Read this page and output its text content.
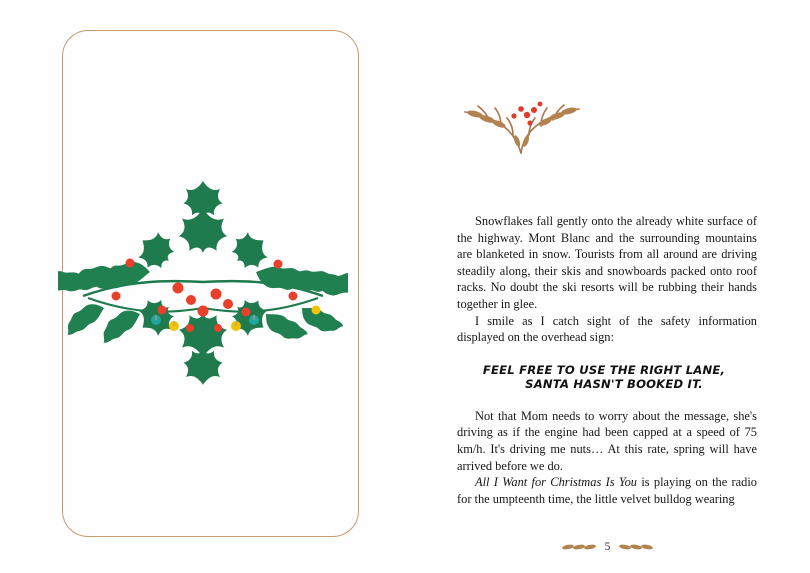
Snowflakes fall gently onto the already white surface of the highway. Mont Blanc and the surrounding mountains are blanketed in snow. Tourists from all around are driving steadily along, their skis and snowboards packed onto roof racks. No doubt the ski resorts will be rubbing their hands together in glee.

I smile as I catch sight of the safety information displayed on the overhead sign:

FEEL FREE TO USE THE RIGHT LANE,
SANTA HASN'T BOOKED IT.

Not that Mom needs to worry about the message, she's driving as if the engine had been capped at a speed of 75 km/h. It's driving me nuts… At this rate, spring will have arrived before we do.

All I Want for Christmas Is You is playing on the radio for the umpteenth time, the little velvet bulldog wearing

5
